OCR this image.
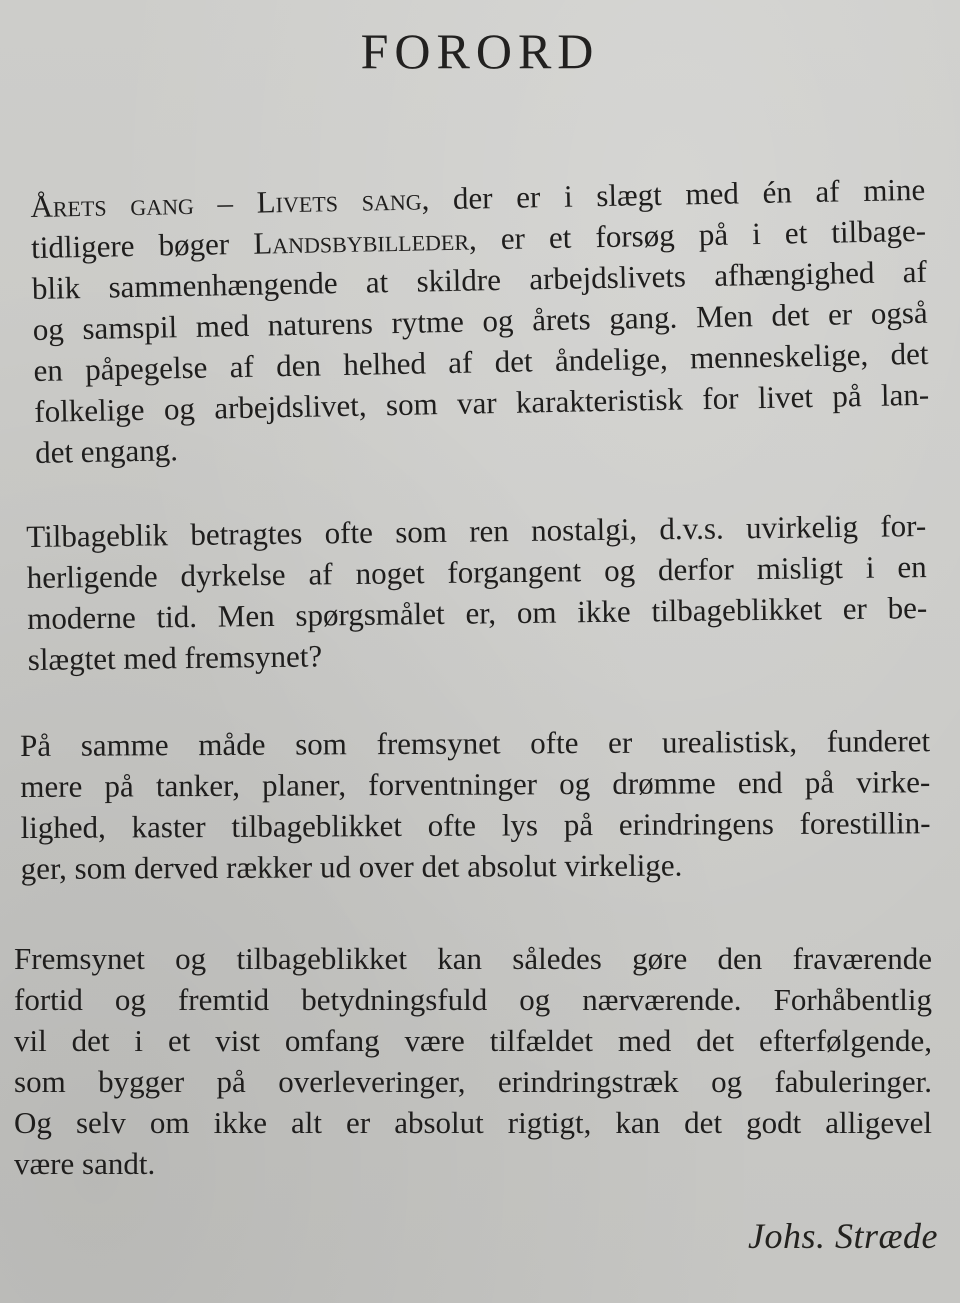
FORORD
Årets gang – Livets sang, der er i slægt med én af mine
tidligere bøger Landsbybilleder, er et forsøg på i et tilbage-
blik sammenhængende at skildre arbejdslivets afhængighed af
og samspil med naturens rytme og årets gang. Men det er også
en påpegelse af den helhed af det åndelige, menneskelige, det
folkelige og arbejdslivet, som var karakteristisk for livet på lan-
det engang.
Tilbageblik betragtes ofte som ren nostalgi, d.v.s. uvirkelig for-
herligende dyrkelse af noget forgangent og derfor misligt i en
moderne tid. Men spørgsmålet er, om ikke tilbageblikket er be-
slægtet med fremsynet?
På samme måde som fremsynet ofte er urealistisk, funderet
mere på tanker, planer, forventninger og drømme end på virke-
lighed, kaster tilbageblikket ofte lys på erindringens forestillin-
ger, som derved rækker ud over det absolut virkelige.
Fremsynet og tilbageblikket kan således gøre den fraværende
fortid og fremtid betydningsfuld og nærværende. Forhåbentlig
vil det i et vist omfang være tilfældet med det efterfølgende,
som bygger på overleveringer, erindringstræk og fabuleringer.
Og selv om ikke alt er absolut rigtigt, kan det godt alligevel
være sandt.
Johs. Stræde
